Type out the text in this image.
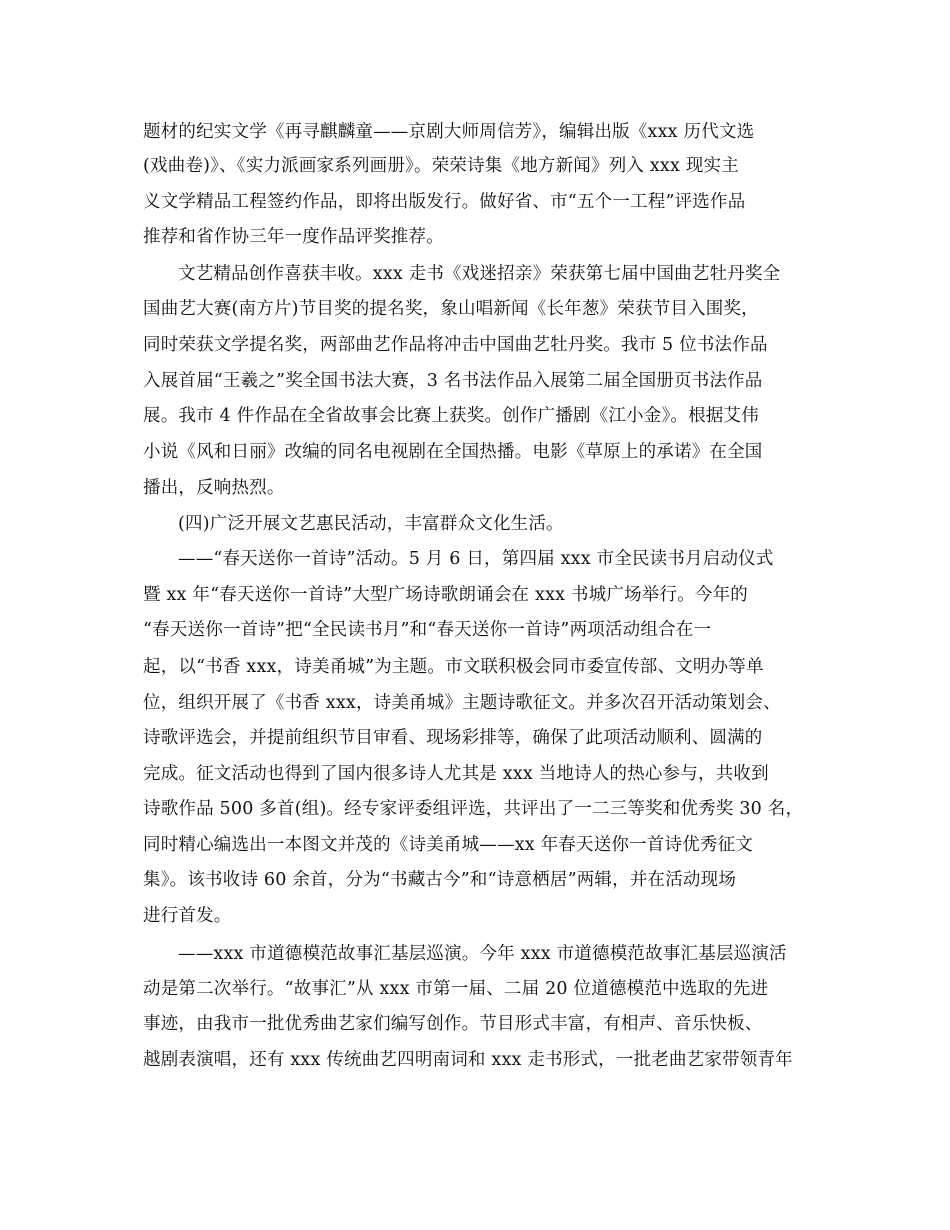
题材的纪实文学《再寻麒麟童——京剧大师周信芳》，编辑出版《xxx 历代文选
(戏曲卷)》、《实力派画家系列画册》。荣荣诗集《地方新闻》列入 xxx 现实主
义文学精品工程签约作品，即将出版发行。做好省、市“五个一工程”评选作品
推荐和省作协三年一度作品评奖推荐。
文艺精品创作喜获丰收。xxx 走书《戏迷招亲》荣获第七届中国曲艺牡丹奖全
国曲艺大赛(南方片)节目奖的提名奖，象山唱新闻《长年葱》荣获节目入围奖，
同时荣获文学提名奖，两部曲艺作品将冲击中国曲艺牡丹奖。我市 5 位书法作品
入展首届“王羲之”奖全国书法大赛，3 名书法作品入展第二届全国册页书法作品
展。我市 4 件作品在全省故事会比赛上获奖。创作广播剧《江小金》。根据艾伟
小说《风和日丽》改编的同名电视剧在全国热播。电影《草原上的承诺》在全国
播出，反响热烈。
(四)广泛开展文艺惠民活动，丰富群众文化生活。
——“春天送你一首诗”活动。5 月 6 日，第四届 xxx 市全民读书月启动仪式
暨 xx 年“春天送你一首诗”大型广场诗歌朗诵会在 xxx 书城广场举行。今年的
“春天送你一首诗”把“全民读书月”和“春天送你一首诗”两项活动组合在一
起，以“书香 xxx，诗美甬城”为主题。市文联积极会同市委宣传部、文明办等单
位，组织开展了《书香 xxx，诗美甬城》主题诗歌征文。并多次召开活动策划会、
诗歌评选会，并提前组织节目审看、现场彩排等，确保了此项活动顺利、圆满的
完成。征文活动也得到了国内很多诗人尤其是 xxx 当地诗人的热心参与，共收到
诗歌作品 500 多首(组)。经专家评委组评选，共评出了一二三等奖和优秀奖 30 名，
同时精心编选出一本图文并茂的《诗美甬城——xx 年春天送你一首诗优秀征文
集》。该书收诗 60 余首，分为“书藏古今”和“诗意栖居”两辑，并在活动现场
进行首发。
——xxx 市道德模范故事汇基层巡演。今年 xxx 市道德模范故事汇基层巡演活
动是第二次举行。“故事汇”从 xxx 市第一届、二届 20 位道德模范中选取的先进
事迹，由我市一批优秀曲艺家们编写创作。节目形式丰富，有相声、音乐快板、
越剧表演唱，还有 xxx 传统曲艺四明南词和 xxx 走书形式，一批老曲艺家带领青年
